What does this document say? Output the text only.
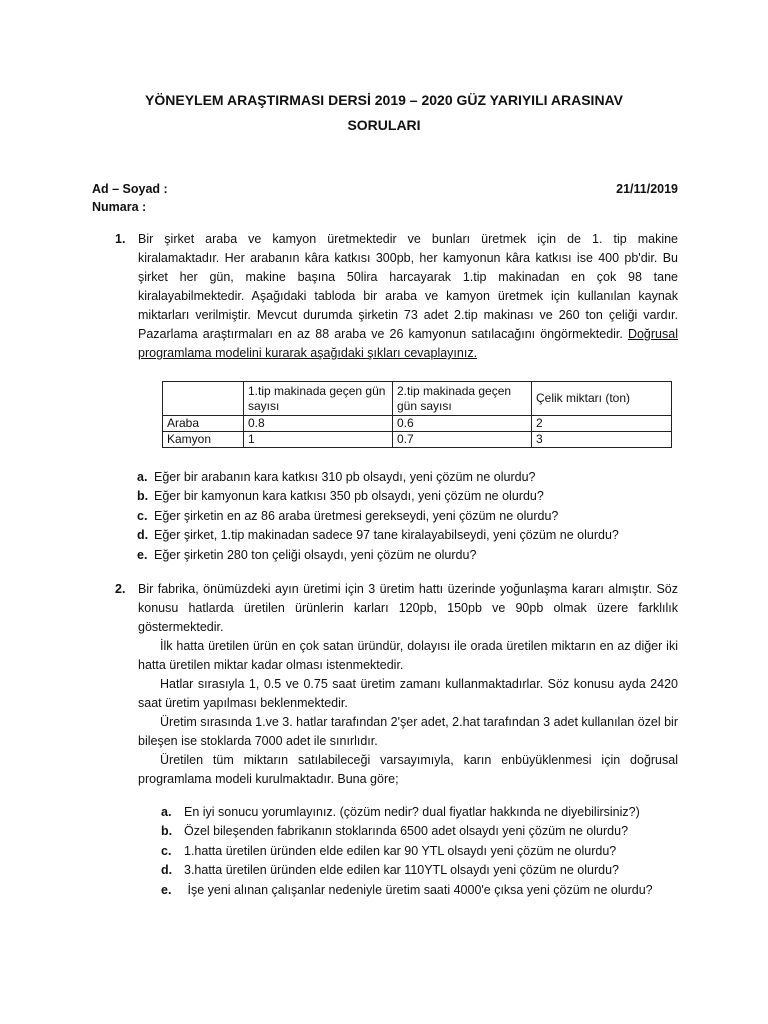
YÖNEYLEM ARAŞTIRMASI DERSİ 2019 – 2020 GÜZ YARIYILI ARASINAV
SORULARI
Ad – Soyad :	21/11/2019
Numara :
1. Bir şirket araba ve kamyon üretmektedir ve bunları üretmek için de 1. tip makine
kiralamaktadır. Her arabanın kâra katkısı 300pb, her kamyonun kâra katkısı ise 400 pb'dir. Bu
şirket her gün, makine başına 50lira harcayarak 1.tip makinadan en çok 98 tane
kiralayabilmektedir. Aşağıdaki tabloda bir araba ve kamyon üretmek için kullanılan kaynak
miktarları verilmiştir. Mevcut durumda şirketin 73 adet 2.tip makinası ve 260 ton çeliği vardır.
Pazarlama araştırmaları en az 88 araba ve 26 kamyonun satılacağını öngörmektedir. Doğrusal
programlama modelini kurarak aşağıdaki şıkları cevaplayınız.
	1.tip makinada geçen gün sayısı	2.tip makinada geçen gün sayısı	Çelik miktarı (ton)
Araba	0.8	0.6	2
Kamyon	1	0.7	3
a. Eğer bir arabanın kara katkısı 310 pb olsaydı, yeni çözüm ne olurdu?
b. Eğer bir kamyonun kara katkısı 350 pb olsaydı, yeni çözüm ne olurdu?
c. Eğer şirketin en az 86 araba üretmesi gerekseydi, yeni çözüm ne olurdu?
d. Eğer şirket, 1.tip makinadan sadece 97 tane kiralayabilseydi, yeni çözüm ne olurdu?
e. Eğer şirketin 280 ton çeliği olsaydı, yeni çözüm ne olurdu?
2. Bir fabrika, önümüzdeki ayın üretimi için 3 üretim hattı üzerinde yoğunlaşma kararı almıştır. Söz konusu hatlarda üretilen ürünlerin karları 120pb, 150pb ve 90pb olmak üzere farklılık göstermektedir.
İlk hatta üretilen ürün en çok satan üründür, dolayısı ile orada üretilen miktarın en az diğer iki hatta üretilen miktar kadar olması istenmektedir.
Hatlar sırasıyla 1, 0.5 ve 0.75 saat üretim zamanı kullanmaktadırlar. Söz konusu ayda 2420 saat üretim yapılması beklenmektedir.
Üretim sırasında 1.ve 3. hatlar tarafından 2'şer adet, 2.hat tarafından 3 adet kullanılan özel bir bileşen ise stoklarda 7000 adet ile sınırlıdır.
Üretilen tüm miktarın satılabileceği varsayımıyla, karın enbüyüklenmesi için doğrusal programlama modeli kurulmaktadır. Buna göre;
a.	En iyi sonucu yorumlayınız. (çözüm nedir? dual fiyatlar hakkında ne diyebilirsiniz?)
b. Özel bileşenden fabrikanın stoklarında 6500 adet olsaydı yeni çözüm ne olurdu?
c.	1.hatta üretilen üründen elde edilen kar 90 YTL olsaydı yeni çözüm ne olurdu?
d. 3.hatta üretilen üründen elde edilen kar 110YTL olsaydı yeni çözüm ne olurdu?
e.	İşe yeni alınan çalışanlar nedeniyle üretim saati 4000'e çıksa yeni çözüm ne olurdu?
